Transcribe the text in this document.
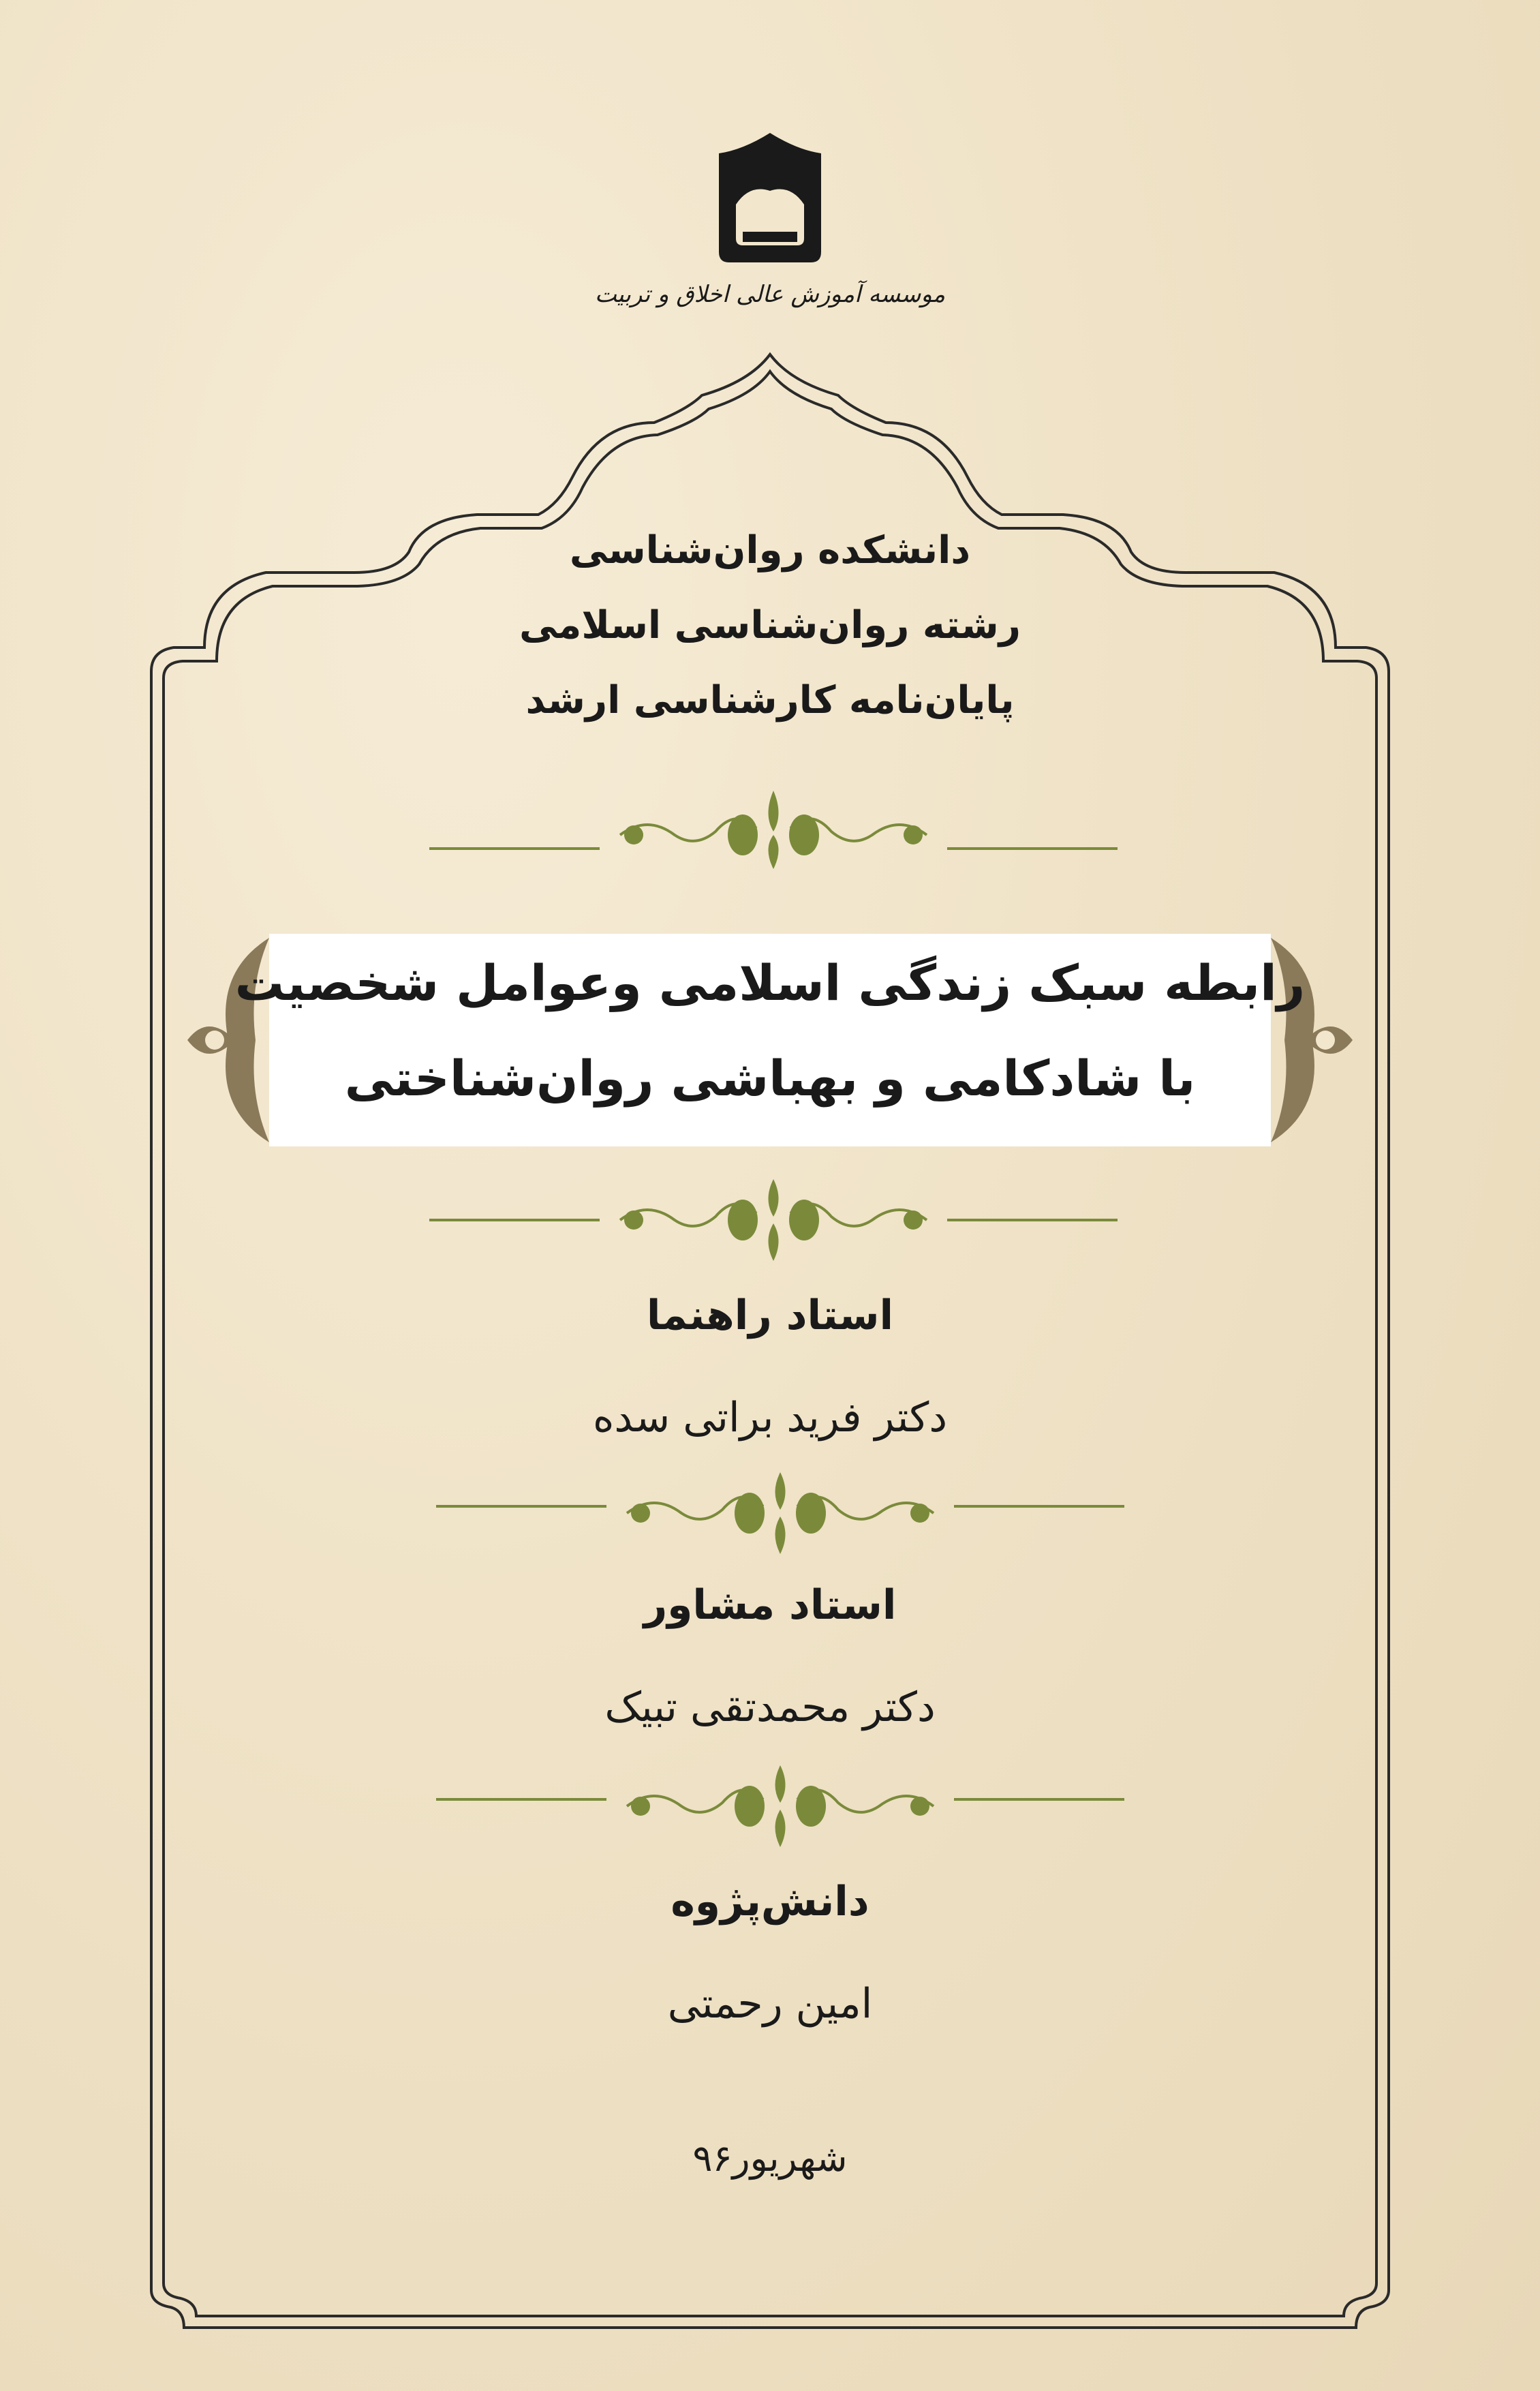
موسسه آموزش عالی اخلاق و تربیت
دانشکده روان‌شناسی
رشته روان‌شناسی اسلامی
پایان‌نامه کارشناسی ارشد
رابطه سبک زندگی اسلامی وعوامل شخصیت
با شادکامی و بهباشی روان‌شناختی
استاد راهنما
دکتر فرید براتی سده
استاد مشاور
دکتر محمدتقی تبیک
دانش‌پژوه
امین رحمتی
شهریور۹۶
